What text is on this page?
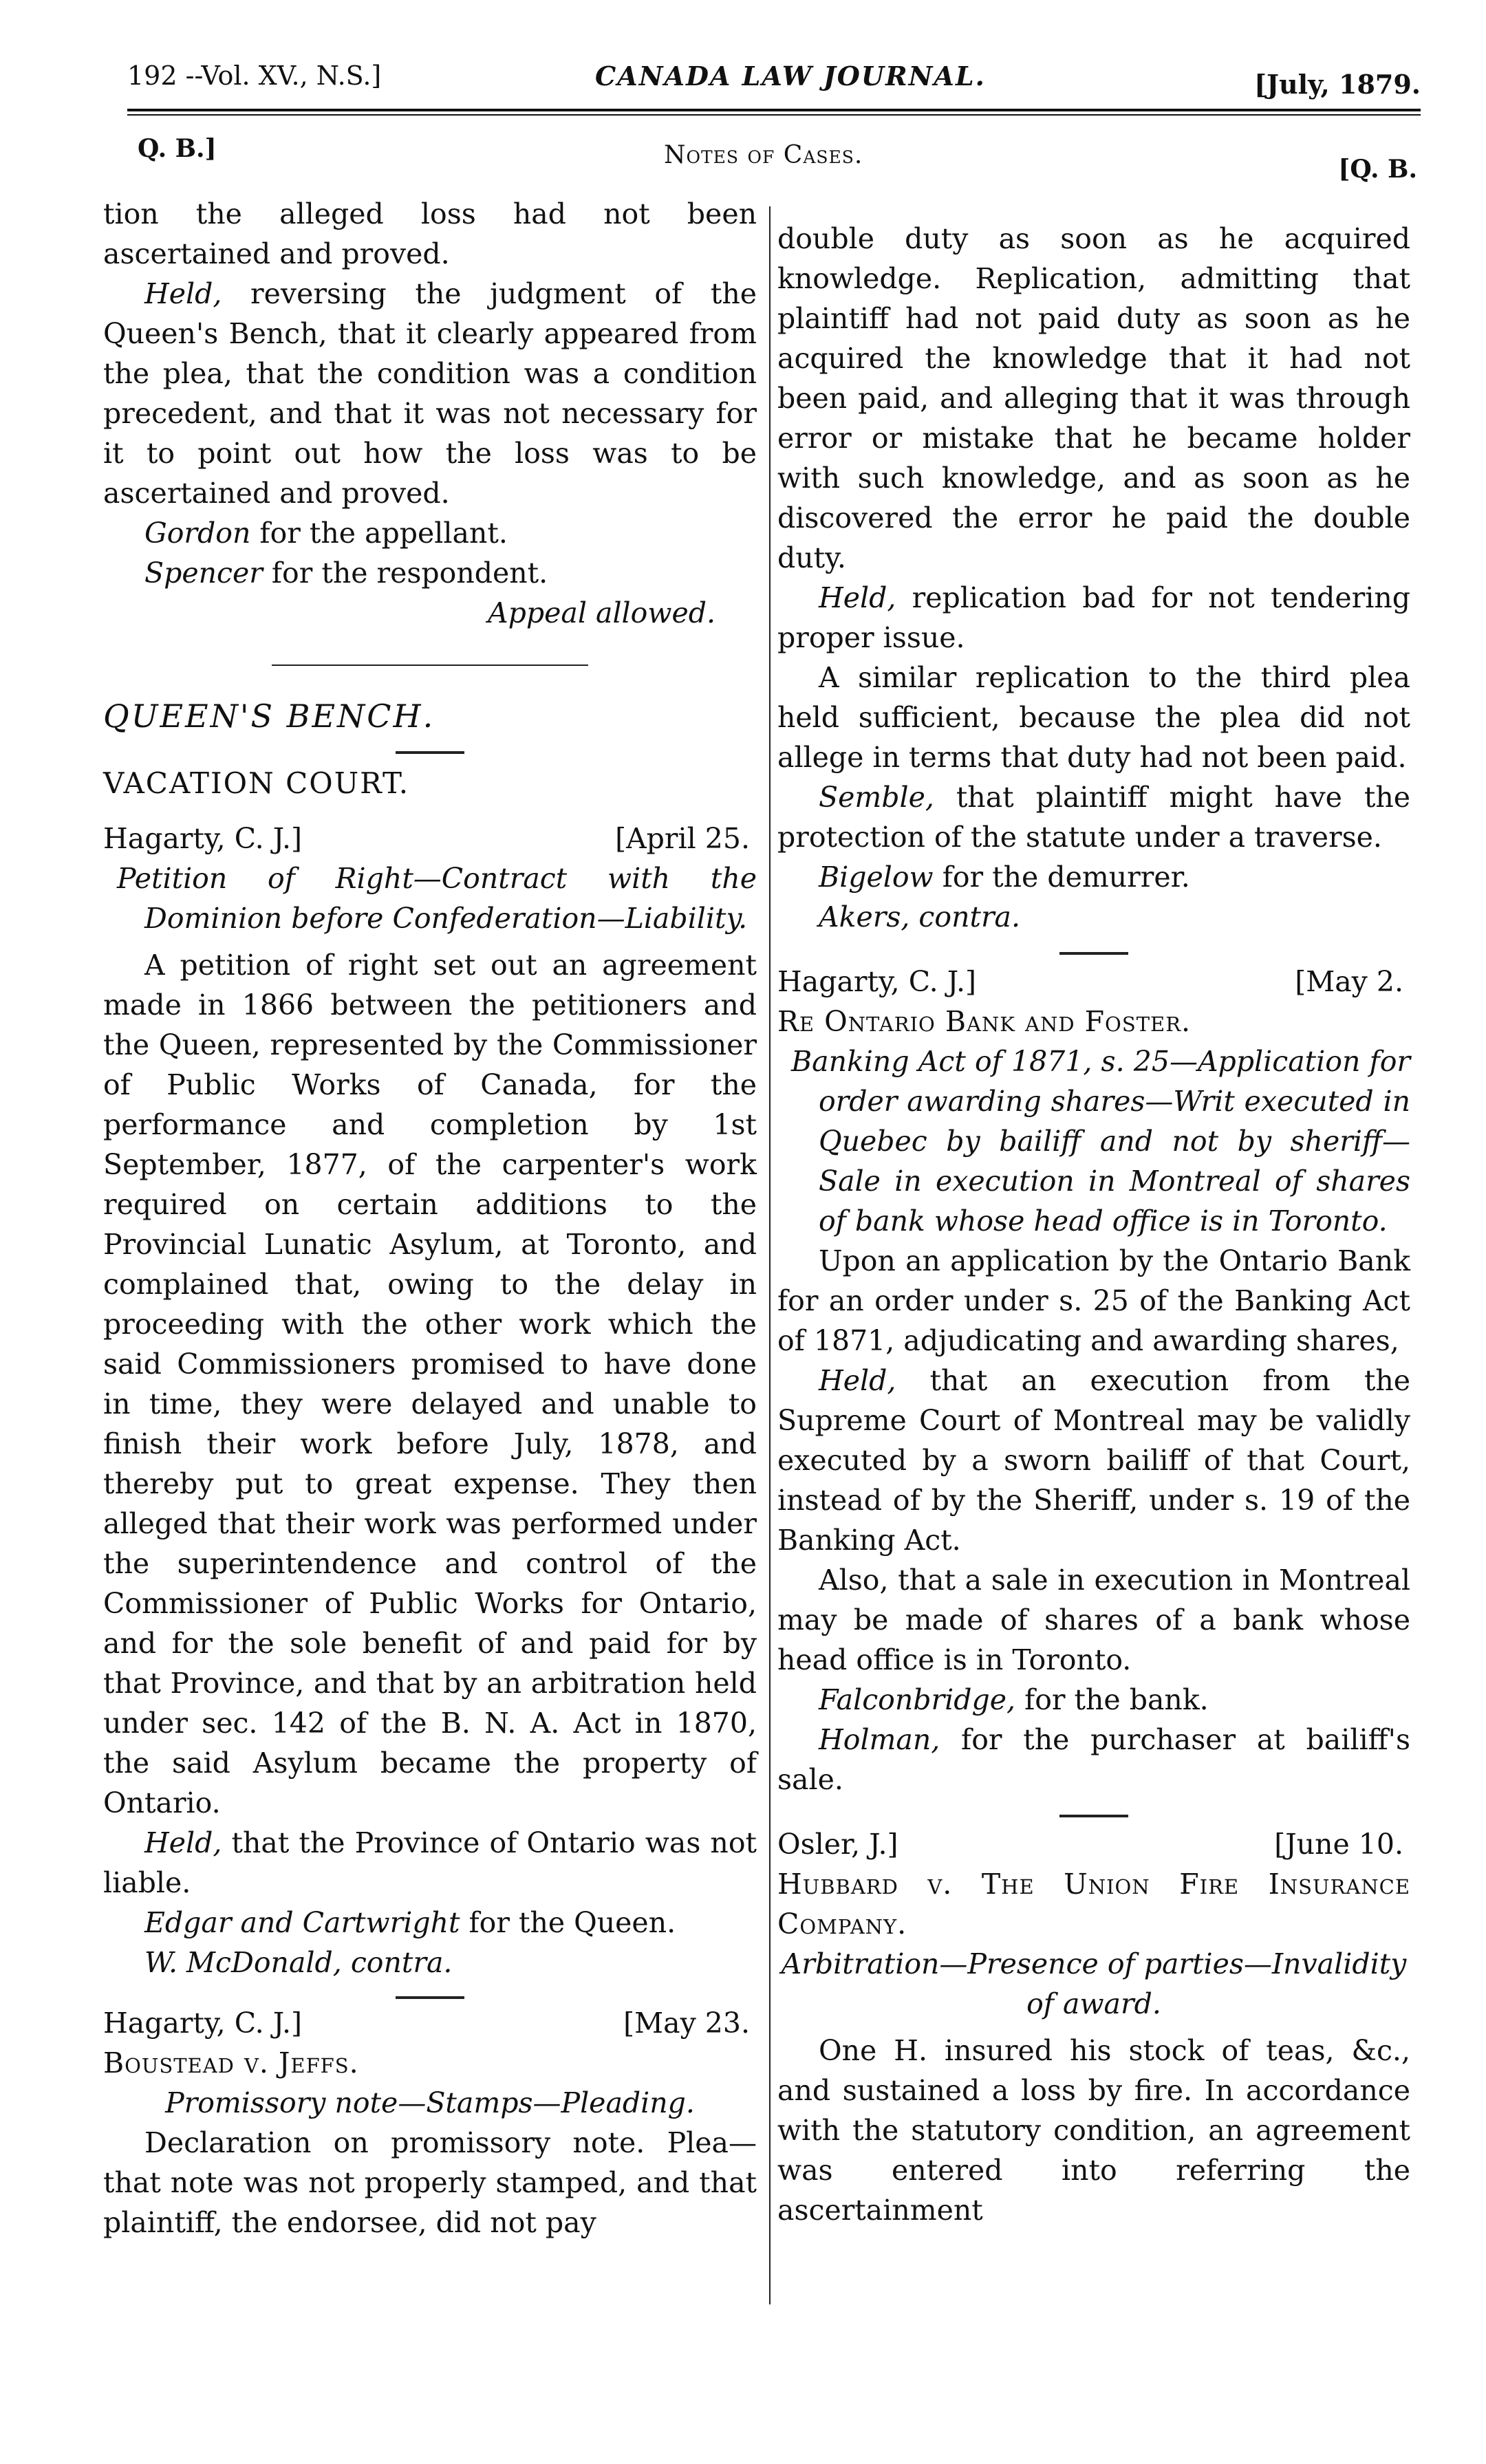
192 --Vol. XV., N.S.]	CANADA LAW JOURNAL.	[July, 1879.
Q. B.]	Notes of Cases.	[Q. B.

tion the alleged loss had not been ascertained and proved.

Held, reversing the judgment of the Queen's Bench, that it clearly appeared from the plea, that the condition was a condition precedent, and that it was not necessary for it to point out how the loss was to be ascertained and proved.

Gordon for the appellant.

Spencer for the respondent.

Appeal allowed.

QUEEN'S BENCH.

VACATION COURT.

Hagarty, C. J.]	[April 25.

Petition of Right—Contract with the Dominion before Confederation—Liability.

A petition of right set out an agreement made in 1866 between the petitioners and the Queen, represented by the Commissioner of Public Works of Canada, for the performance and completion by 1st September, 1877, of the carpenter's work required on certain additions to the Provincial Lunatic Asylum, at Toronto, and complained that, owing to the delay in proceeding with the other work which the said Commissioners promised to have done in time, they were delayed and unable to finish their work before July, 1878, and thereby put to great expense. They then alleged that their work was performed under the superintendence and control of the Commissioner of Public Works for Ontario, and for the sole benefit of and paid for by that Province, and that by an arbitration held under sec. 142 of the B. N. A. Act in 1870, the said Asylum became the property of Ontario.

Held, that the Province of Ontario was not liable.

Edgar and Cartwright for the Queen.

W. McDonald, contra.

Hagarty, C. J.]	[May 23.

Boustead v. Jeffs.

Promissory note—Stamps—Pleading.

Declaration on promissory note. Plea—that note was not properly stamped, and that plaintiff, the endorsee, did not pay

double duty as soon as he acquired knowledge. Replication, admitting that plaintiff had not paid duty as soon as he acquired the knowledge that it had not been paid, and alleging that it was through error or mistake that he became holder with such knowledge, and as soon as he discovered the error he paid the double duty.

Held, replication bad for not tendering proper issue.

A similar replication to the third plea held sufficient, because the plea did not allege in terms that duty had not been paid.

Semble, that plaintiff might have the protection of the statute under a traverse.

Bigelow for the demurrer.

Akers, contra.

Hagarty, C. J.]	[May 2.

Re Ontario Bank and Foster.

Banking Act of 1871, s. 25—Application for order awarding shares—Writ executed in Quebec by bailiff and not by sheriff—Sale in execution in Montreal of shares of bank whose head office is in Toronto.

Upon an application by the Ontario Bank for an order under s. 25 of the Banking Act of 1871, adjudicating and awarding shares,

Held, that an execution from the Supreme Court of Montreal may be validly executed by a sworn bailiff of that Court, instead of by the Sheriff, under s. 19 of the Banking Act.

Also, that a sale in execution in Montreal may be made of shares of a bank whose head office is in Toronto.

Falconbridge, for the bank.

Holman, for the purchaser at bailiff's sale.

Osler, J.]	[June 10.

Hubbard v. The Union Fire Insurance Company.

Arbitration—Presence of parties—Invalidity of award.

One H. insured his stock of teas, &c., and sustained a loss by fire. In accordance with the statutory condition, an agreement was entered into referring the ascertainment
